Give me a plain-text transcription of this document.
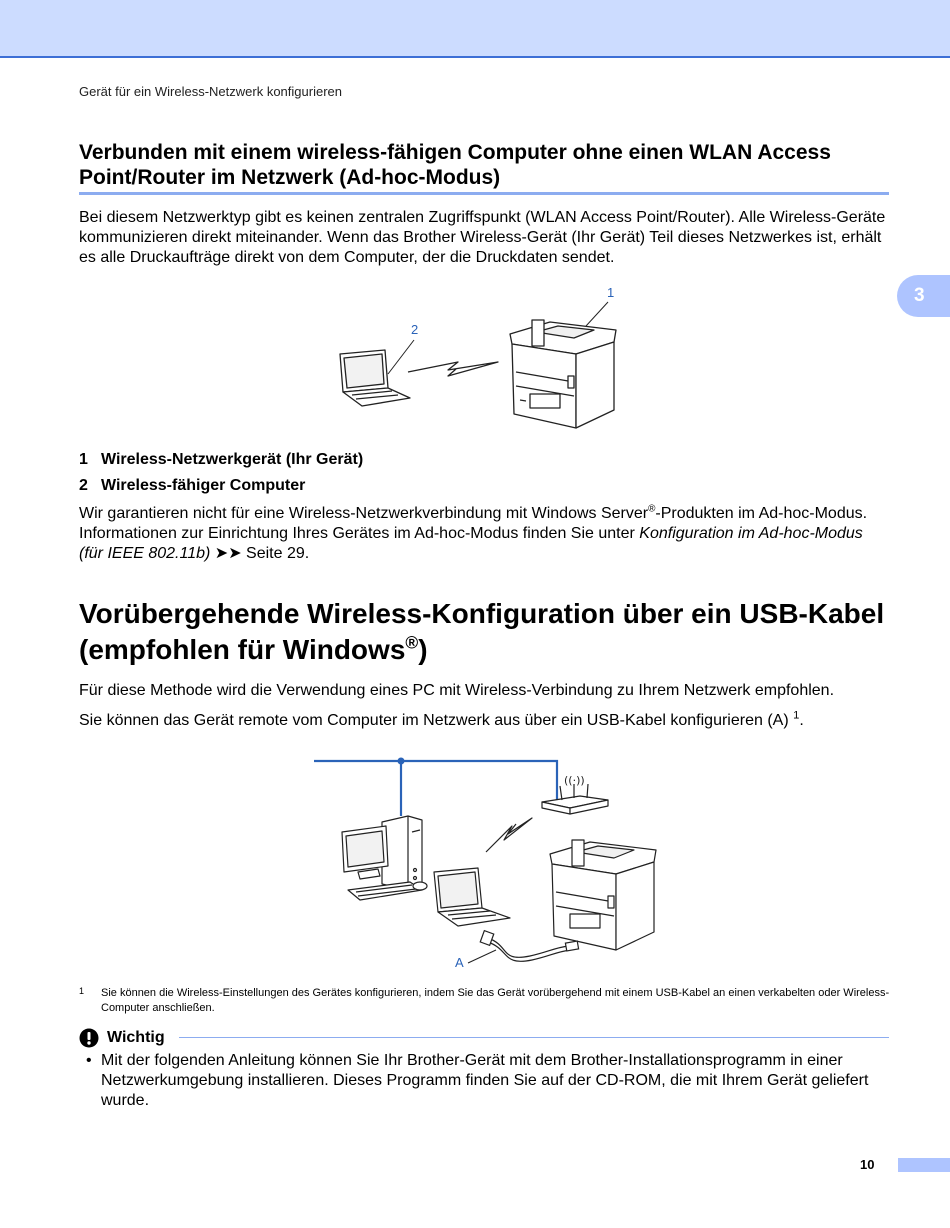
Gerät für ein Wireless-Netzwerk konfigurieren
3
Verbunden mit einem wireless-fähigen Computer ohne einen WLAN Access Point/Router im Netzwerk (Ad-hoc-Modus)

Bei diesem Netzwerktyp gibt es keinen zentralen Zugriffspunkt (WLAN Access Point/Router). Alle Wireless-Geräte kommunizieren direkt miteinander. Wenn das Brother Wireless-Gerät (Ihr Gerät) Teil dieses Netzwerkes ist, erhält es alle Druckaufträge direkt von dem Computer, der die Druckdaten sendet.

1
2
1 Wireless-Netzwerkgerät (Ihr Gerät)
2 Wireless-fähiger Computer

Wir garantieren nicht für eine Wireless-Netzwerkverbindung mit Windows Server®-Produkten im Ad-hoc-Modus. Informationen zur Einrichtung Ihres Gerätes im Ad-hoc-Modus finden Sie unter Konfiguration im Ad-hoc-Modus (für IEEE 802.11b) ➤➤ Seite 29.

Vorübergehende Wireless-Konfiguration über ein USB-Kabel
(empfohlen für Windows®)

Für diese Methode wird die Verwendung eines PC mit Wireless-Verbindung zu Ihrem Netzwerk empfohlen.

Sie können das Gerät remote vom Computer im Netzwerk aus über ein USB-Kabel konfigurieren (A) $^1$.

((·))
A
1 Sie können die Wireless-Einstellungen des Gerätes konfigurieren, indem Sie das Gerät vorübergehend mit einem USB-Kabel an einen verkabelten oder Wireless-Computer anschließen.
Wichtig
• Mit der folgenden Anleitung können Sie Ihr Brother-Gerät mit dem Brother-Installationsprogramm in einer Netzwerkumgebung installieren. Dieses Programm finden Sie auf der CD-ROM, die mit Ihrem Gerät geliefert wurde.
10
